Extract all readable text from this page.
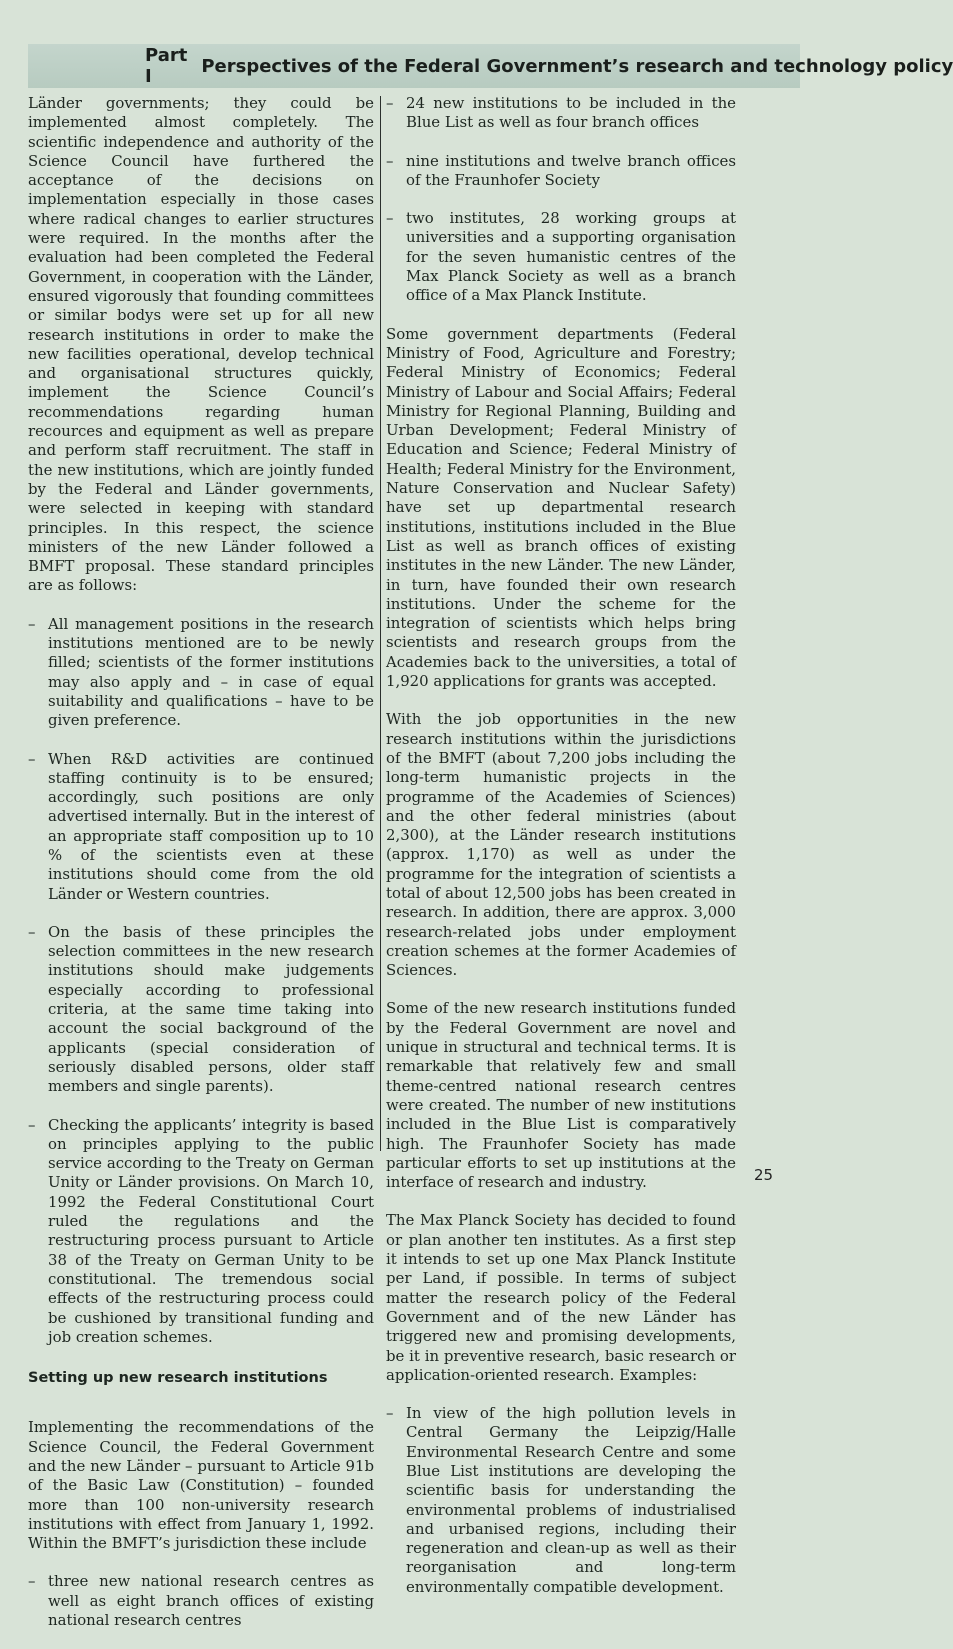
Part I	Perspectives of the Federal Government’s research and technology policy

Länder governments; they could be implemented almost completely. The scientific independence and authority of the Science Council have furthered the acceptance of the decisions on implementation especially in those cases where radical changes to earlier structures were required. In the months after the evaluation had been completed the Federal Government, in cooperation with the Länder, ensured vigorously that founding committees or similar bodys were set up for all new research institutions in order to make the new facilities operational, develop technical and organisational structures quickly, implement the Science Council’s recommendations regarding human recources and equipment as well as prepare and perform staff recruitment. The staff in the new institutions, which are jointly funded by the Federal and Länder governments, were selected in keeping with standard principles. In this respect, the science ministers of the new Länder followed a BMFT proposal. These standard principles are as follows:

– All management positions in the research institutions mentioned are to be newly filled; scientists of the former institutions may also apply and – in case of equal suitability and qualifications – have to be given preference.
– When R&D activities are continued staffing continuity is to be ensured; accordingly, such positions are only advertised internally. But in the interest of an appropriate staff composition up to 10 % of the scientists even at these institutions should come from the old Länder or Western countries.
– On the basis of these principles the selection committees in the new research institutions should make judgements especially according to professional criteria, at the same time taking into account the social background of the applicants (special consideration of seriously disabled persons, older staff members and single parents).
– Checking the applicants’ integrity is based on principles applying to the public service according to the Treaty on German Unity or Länder provisions. On March 10, 1992 the Federal Constitutional Court ruled the regulations and the restructuring process pursuant to Article 38 of the Treaty on German Unity to be constitutional. The tremendous social effects of the restructuring process could be cushioned by transitional funding and job creation schemes.
Setting up new research institutions

Implementing the recommendations of the Science Council, the Federal Government and the new Länder – pursuant to Article 91b of the Basic Law (Constitution) – founded more than 100 non-university research institutions with effect from January 1, 1992. Within the BMFT’s jurisdiction these include

– three new national research centres as well as eight branch offices of existing national research centres
– 24 new institutions to be included in the Blue List as well as four branch offices
– nine institutions and twelve branch offices of the Fraunhofer Society
– two institutes, 28 working groups at universities and a supporting organisation for the seven humanistic centres of the Max Planck Society as well as a branch office of a Max Planck Institute.

Some government departments (Federal Ministry of Food, Agriculture and Forestry; Federal Ministry of Economics; Federal Ministry of Labour and Social Affairs; Federal Ministry for Regional Planning, Building and Urban Development; Federal Ministry of Education and Science; Federal Ministry of Health; Federal Ministry for the Environment, Nature Conservation and Nuclear Safety) have set up departmental research institutions, institutions included in the Blue List as well as branch offices of existing institutes in the new Länder. The new Länder, in turn, have founded their own research institutions. Under the scheme for the integration of scientists which helps bring scientists and research groups from the Academies back to the universities, a total of 1,920 applications for grants was accepted.

With the job opportunities in the new research institutions within the jurisdictions of the BMFT (about 7,200 jobs including the long-term humanistic projects in the programme of the Academies of Sciences) and the other federal ministries (about 2,300), at the Länder research institutions (approx. 1,170) as well as under the programme for the integration of scientists a total of about 12,500 jobs has been created in research. In addition, there are approx. 3,000 research-related jobs under employment creation schemes at the former Academies of Sciences.

Some of the new research institutions funded by the Federal Government are novel and unique in structural and technical terms. It is remarkable that relatively few and small theme-centred national research centres were created. The number of new institutions included in the Blue List is comparatively high. The Fraunhofer Society has made particular efforts to set up institutions at the interface of research and industry.

The Max Planck Society has decided to found or plan another ten institutes. As a first step it intends to set up one Max Planck Institute per Land, if possible. In terms of subject matter the research policy of the Federal Government and of the new Länder has triggered new and promising developments, be it in preventive research, basic research or application-oriented research. Examples:

– In view of the high pollution levels in Central Germany the Leipzig/Halle Environmental Research Centre and some Blue List institutions are developing the scientific basis for understanding the environmental problems of industrialised and urbanised regions, including their regeneration and clean-up as well as their reorganisation and long-term environmentally compatible development.
25
